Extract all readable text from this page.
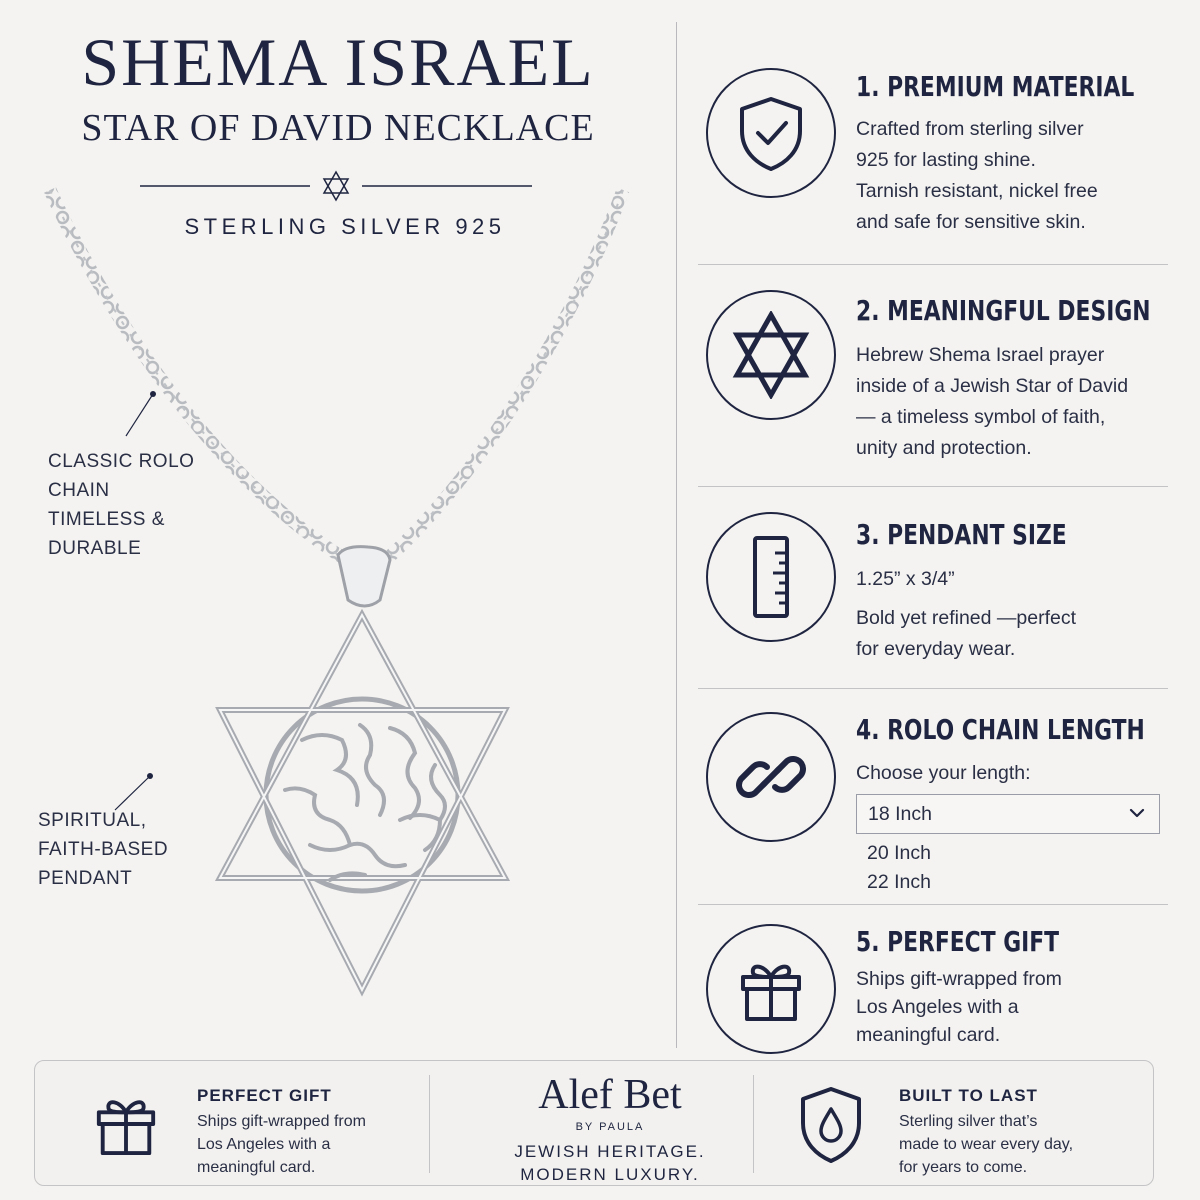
SHEMA ISRAEL
STAR OF DAVID NECKLACE
STERLING SILVER 925
CLASSIC ROLO
CHAIN
TIMELESS &
DURABLE
SPIRITUAL,
FAITH-BASED
PENDANT
1. PREMIUM MATERIAL
Crafted from sterling silver
925 for lasting shine.
Tarnish resistant, nickel free
and safe for sensitive skin.
2. MEANINGFUL DESIGN
Hebrew Shema Israel prayer
inside of a Jewish Star of David
— a timeless symbol of faith,
unity and protection.
3. PENDANT SIZE
1.25” x 3/4”
Bold yet refined —perfect
for everyday wear.
4. ROLO CHAIN LENGTH
Choose your length:
18 Inch
20 Inch
22 Inch
5. PERFECT GIFT
Ships gift-wrapped from
Los Angeles with a
meaningful card.
PERFECT GIFT
Ships gift-wrapped from
Los Angeles with a
meaningful card.
Alef Bet
BY PAULA
JEWISH HERITAGE.
MODERN LUXURY.
BUILT TO LAST
Sterling silver that’s
made to wear every day,
for years to come.
